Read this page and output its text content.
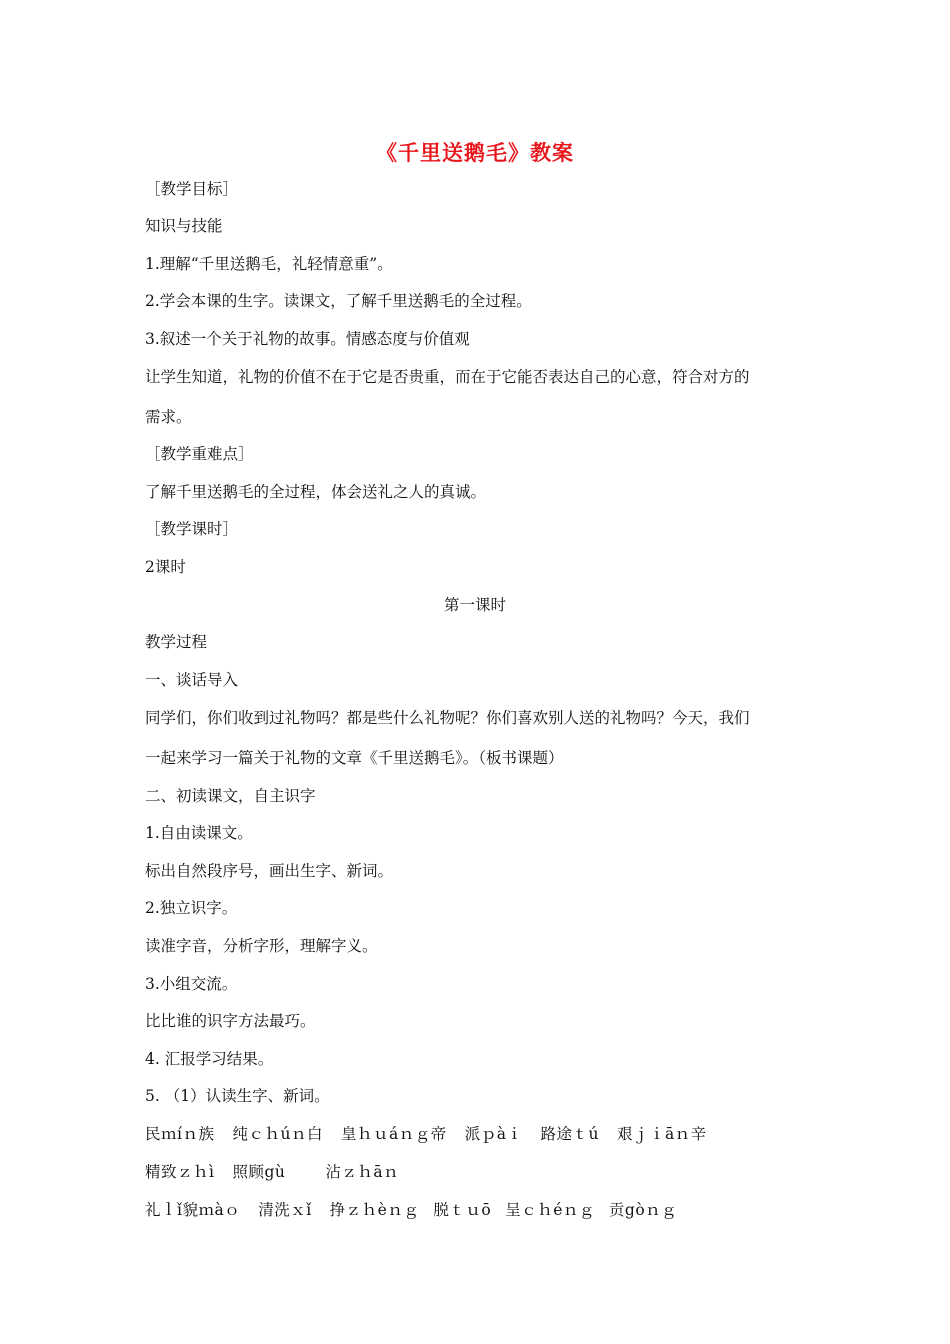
《千里送鹅毛》教案
［教学目标］
知识与技能
1.理解“千里送鹅毛，礼轻情意重”。
2.学会本课的生字。读课文，了解千里送鹅毛的全过程。
3.叙述一个关于礼物的故事。情感态度与价值观
让学生知道，礼物的价值不在于它是否贵重，而在于它能否表达自己的心意，符合对方的
需求。
［教学重难点］
了解千里送鹅毛的全过程，体会送礼之人的真诚。
［教学课时］
2课时
第一课时
教学过程
一、谈话导入
同学们，你们收到过礼物吗？都是些什么礼物呢？你们喜欢别人送的礼物吗？今天，我们
一起来学习一篇关于礼物的文章《千里送鹅毛》。（板书课题）
二、初读课文，自主识字
1.自由读课文。
标出自然段序号，画出生字、新词。
2.独立识字。
读准字音，分析字形，理解字义。
3.小组交流。
比比谁的识字方法最巧。
4. 汇报学习结果。
5. （1）认读生字、新词。
民ｍíｎ族 纯ｃｈúｎ白 皇ｈｕáｎｇ帝 派ｐàｉ 路途ｔú 艰ｊｉāｎ辛
精致ｚｈì 照顾gù	沾ｚｈāｎ
礼ｌǐ貌ｍàｏ 清洗ｘǐ 挣ｚｈèｎｇ 脱ｔｕō 呈ｃｈéｎｇ 贡gòｎｇ
